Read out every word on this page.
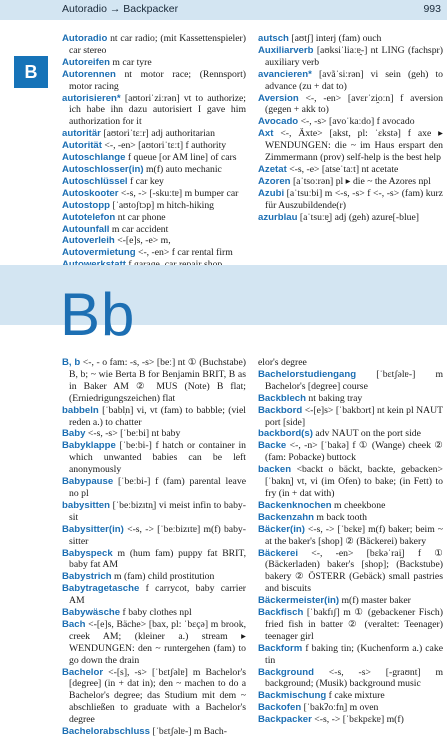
Autoradio → Backpacker	993
B

Autoradio nt car radio; (mit Kassettenspieler) car stereo

Autoreifen m car tyre

Autorennen nt motor race; (Rennsport) motor racing

autorisieren* [aʊtoriˈziːrən] vt to authorize; ich habe ihn dazu autorisiert I gave him authorization for it

autoritär [aʊtoriˈtɛːr] adj authoritarian

Autorität <-, -en> [aʊtoriˈtɛːt] f authority

Autoschlange f queue [or AM line] of cars

Autoschlosser(in) m(f) auto mechanic

Autoschlüssel f car key

Autoskooter <-s, -> [-skuːtɐ] m bumper car

Autostopp [ˈaʊtoʃtɔp] m hitch-hiking

Autotelefon nt car phone

Autounfall m car accident

Autoverleih <-[e]s, -e> m,

Autovermietung <-, -en> f car rental firm

autsch [aʊtʃ] interj (fam) ouch

Auxiliarverb [aʊksiˈliaːɐ̯-] nt LING (fachspr) auxiliary verb

avancieren* [avãˈsiːrən] vi sein (geh) to advance (zu + dat to)

Aversion <-, -en> [avɛrˈzi̯oːn] f aversion (gegen + akk to)

Avocado <-, -s> [avoˈkaːdo] f avocado

Axt <-, Äxte> [akst, pl: ˈɛkstə] f axe ▸ WENDUNGEN: die ~ im Haus erspart den Zimmermann (prov) self-help is the best help

Azetat <-s, -e> [atseˈtaːt] nt acetate

Azoren [aˈtsoːrən] pl ▸ die ~ the Azores npl

Azubi [aˈtsuːbi] m <-s, -s> f <-, -s> (fam) kurz für Auszubildende(r)

azurblau [aˈtsuːɐ̯] adj (geh) azure[-blue]

Bb

B, b <-, - o fam: -s, -s> [beː] nt ① (Buchstabe) B, b; ~ wie Berta B for Benjamin BRIT, B as in Baker AM ② MUS (Note) B flat; (Erniedrigungszeichen) flat

babbeln [ˈbabl̩n] vi, vt (fam) to babble; (viel reden a.) to chatter

Baby <-s, -s> [ˈbeːbi] nt baby

Babyklappe [ˈbeːbi-] f hatch or container in which unwanted babies can be left anonymously

Babypause [ˈbeːbi-] f (fam) parental leave no pl

babysitten [ˈbeːbizɪtn̩] vi meist infin to baby-sit

Babysitter(in) <-s, -> [ˈbeːbizɪtɐ] m(f) baby-sitter

Babyspeck m (hum fam) puppy fat BRIT, baby fat AM

Babystrich m (fam) child prostitution

Babytragetasche f carrycot, baby carrier AM

Babywäsche f baby clothes npl

Bach <-[e]s, Bäche> [bax, pl: ˈbɛçə] m brook, creek AM; (kleiner a.) stream ▸ WENDUNGEN: den ~ runtergehen (fam) to go down the drain

Bachelor <-[s], -s> [ˈbɛtʃəlɐ] m Bachelor's [degree] (in + dat in); den ~ machen to do a Bachelor's degree; das Studium mit dem ~ abschließen to graduate with a Bachelor's degree

Bachelorabschluss [ˈbɛtʃəlɐ-] m Bach-

elor's degree

Bachelorstudiengang [ˈbɛtʃəlɐ-] m Bachelor's [degree] course

Backblech nt baking tray

Backbord <-[e]s> [ˈbakbɔrt] nt kein pl NAUT port [side]

backbord(s) adv NAUT on the port side

Backe <-, -n> [ˈbakə] f ① (Wange) cheek ② (fam: Pobacke) buttock

backen <backt o bäckt, backte, gebacken> [ˈbakn̩] vt, vi (im Ofen) to bake; (in Fett) to fry (in + dat with)

Backenknochen m cheekbone

Backenzahn m back tooth

Bäcker(in) <-s, -> [ˈbɛkɐ] m(f) baker; beim ~ at the baker's [shop] ② (Bäckerei) bakery

Bäckerei <-, -en> [bɛkəˈrai̯] f ① (Bäckerladen) baker's [shop]; (Backstube) bakery ② ÖSTERR (Gebäck) small pastries and biscuits

Bäckermeister(in) m(f) master baker

Backfisch [ˈbakfɪʃ] m ① (gebackener Fisch) fried fish in batter ② (veraltet: Teenager) teenager girl

Backform f baking tin; (Kuchenform a.) cake tin

Background <-s, -s> [-graʊnt] m background; (Musik) background music

Backmischung f cake mixture

Backofen [ˈbakʔoːfn̩] m oven

Backpacker <-s, -> [ˈbɛkpɛkɐ] m(f)
